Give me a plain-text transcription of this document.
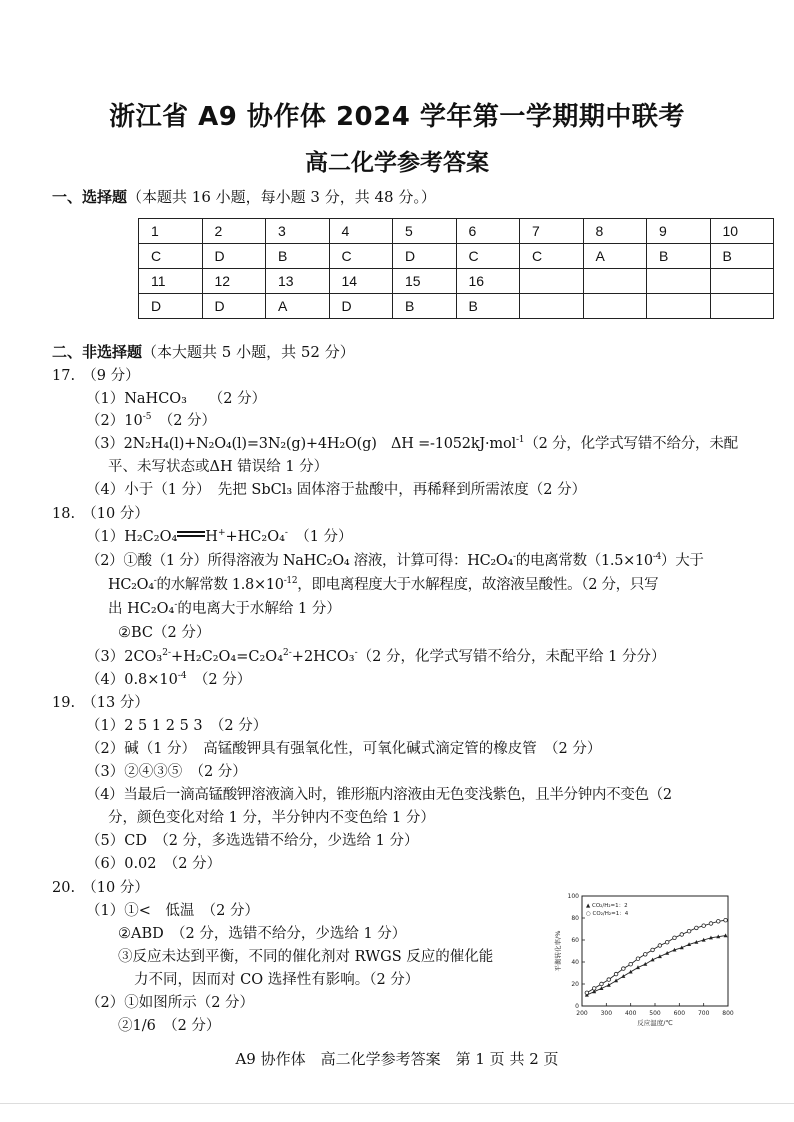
浙江省 A9 协作体 2024 学年第一学期期中联考
高二化学参考答案
一、选择题（本题共 16 小题，每小题 3 分，共 48 分。）
1	2	3	4	5	6	7	8	9	10
C	D	B	C	D	C	C	A	B	B
11	12	13	14	15	16				
D	D	A	D	B	B				
二、非选择题（本大题共 5 小题，共 52 分）
17.　（9 分）
（1）NaHCO₃　　（2 分）
$(2)10^{-5}$　（2 分）
（3）2N₂H₄(l)+N₂O₄(l)=3N₂(g)+4H₂O(g)　ΔH =-1052kJ·mol$^{-1}$（2 分，化学式写错不给分，未配
平、未写状态或ΔH 错误给 1 分）
（4）小于（1 分）　先把 SbCl₃ 固体溶于盐酸中，再稀释到所需浓度（2 分）
18.　（10 分）
（1）H₂C₂O₄ H++HC₂O₄-　（1 分）
（2）①酸（1 分）所得溶液为 NaHC₂O₄ 溶液，计算可得：HC₂O₄-的电离常数$(1.5\times 10^{-4})$大于
HC₂O₄-的水解常数 $1.8\times 10^{-12}$，即电离程度大于水解程度，故溶液呈酸性。（2 分，只写
出 HC₂O₄-的电离大于水解给 1 分）
②BC（2 分）
（3）2CO₃$^{2-}$+H₂C₂O₄=C₂O₄$^{2-}$+2HCO₃-（2 分，化学式写错不给分，未配平给 1 分分）
$(4)0.8\times 10^{-4}$　（2 分）
19.　（13 分）
（1）2 5 1 2 5 3　（2 分）
（2）碱（1 分）　高锰酸钾具有强氧化性，可氧化碱式滴定管的橡皮管　（2 分）
（3）②④③⑤　（2 分）
（4）当最后一滴高锰酸钾溶液滴入时，锥形瓶内溶液由无色变浅紫色，且半分钟内不变色（2
分，颜色变化对给 1 分，半分钟内不变色给 1 分）
（5）CD　（2 分，多选选错不给分，少选给 1 分）
（6）0.02　（2 分）
20.　（10 分）
（1）①<　低温　（2 分）
②ABD　（2 分，选错不给分，少选给 1 分）
③反应未达到平衡，不同的催化剂对 RWGS 反应的催化能
力不同，因而对 CO 选择性有影响。（2 分）
（2）①如图所示（2 分）
②1/6　（2 分）
200 300 400 500 600 700 800
0
20
40
60
80
100
反应温度/℃
平衡转化率/%
▲ CO₂/H₂=1：2
○ CO₂/H₂=1：4
A9 协作体　高二化学参考答案　第 1 页 共 2 页
